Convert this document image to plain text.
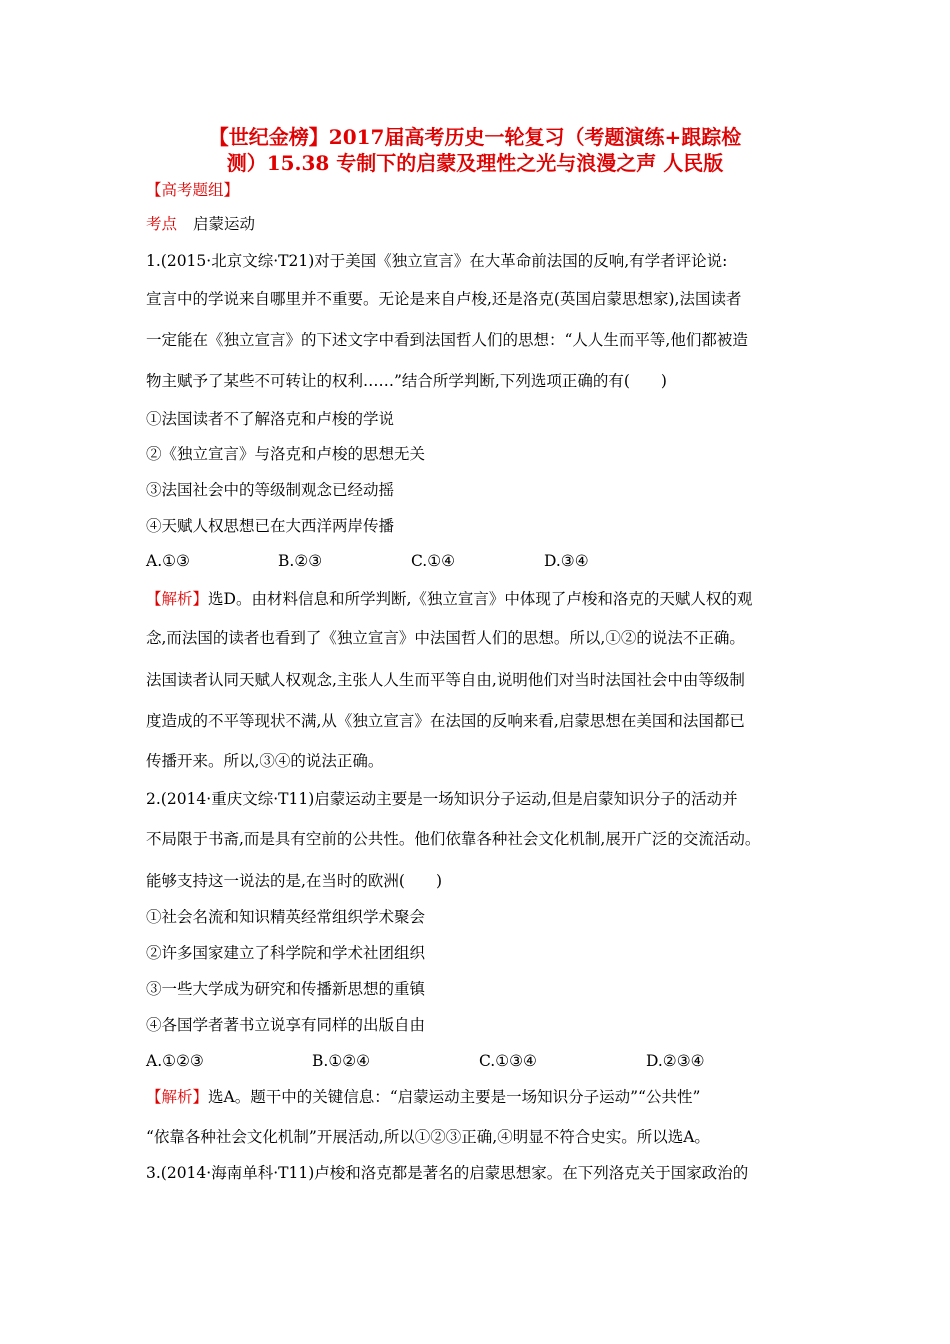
【世纪金榜】2017届高考历史一轮复习（考题演练+跟踪检
测）15.38 专制下的启蒙及理性之光与浪漫之声 人民版
【高考题组】
考点 启蒙运动
1.(2015·北京文综·T21)对于美国《独立宣言》在大革命前法国的反响,有学者评论说:
宣言中的学说来自哪里并不重要。无论是来自卢梭,还是洛克(英国启蒙思想家),法国读者
一定能在《独立宣言》的下述文字中看到法国哲人们的思想：“人人生而平等,他们都被造
物主赋予了某些不可转让的权利……”结合所学判断,下列选项正确的有(　　)
①法国读者不了解洛克和卢梭的学说
②《独立宣言》与洛克和卢梭的思想无关
③法国社会中的等级制观念已经动摇
④天赋人权思想已在大西洋两岸传播
A.①③	B.②③	C.①④	D.③④
【解析】选D。由材料信息和所学判断,《独立宣言》中体现了卢梭和洛克的天赋人权的观
念,而法国的读者也看到了《独立宣言》中法国哲人们的思想。所以,①②的说法不正确。
法国读者认同天赋人权观念,主张人人生而平等自由,说明他们对当时法国社会中由等级制
度造成的不平等现状不满,从《独立宣言》在法国的反响来看,启蒙思想在美国和法国都已
传播开来。所以,③④的说法正确。
2.(2014·重庆文综·T11)启蒙运动主要是一场知识分子运动,但是启蒙知识分子的活动并
不局限于书斋,而是具有空前的公共性。他们依靠各种社会文化机制,展开广泛的交流活动。
能够支持这一说法的是,在当时的欧洲(　　)
①社会名流和知识精英经常组织学术聚会
②许多国家建立了科学院和学术社团组织
③一些大学成为研究和传播新思想的重镇
④各国学者著书立说享有同样的出版自由
A.①②③	B.①②④	C.①③④	D.②③④
【解析】选A。题干中的关键信息：“启蒙运动主要是一场知识分子运动”“公共性”
“依靠各种社会文化机制”开展活动,所以①②③正确,④明显不符合史实。所以选A。
3.(2014·海南单科·T11)卢梭和洛克都是著名的启蒙思想家。在下列洛克关于国家政治的
